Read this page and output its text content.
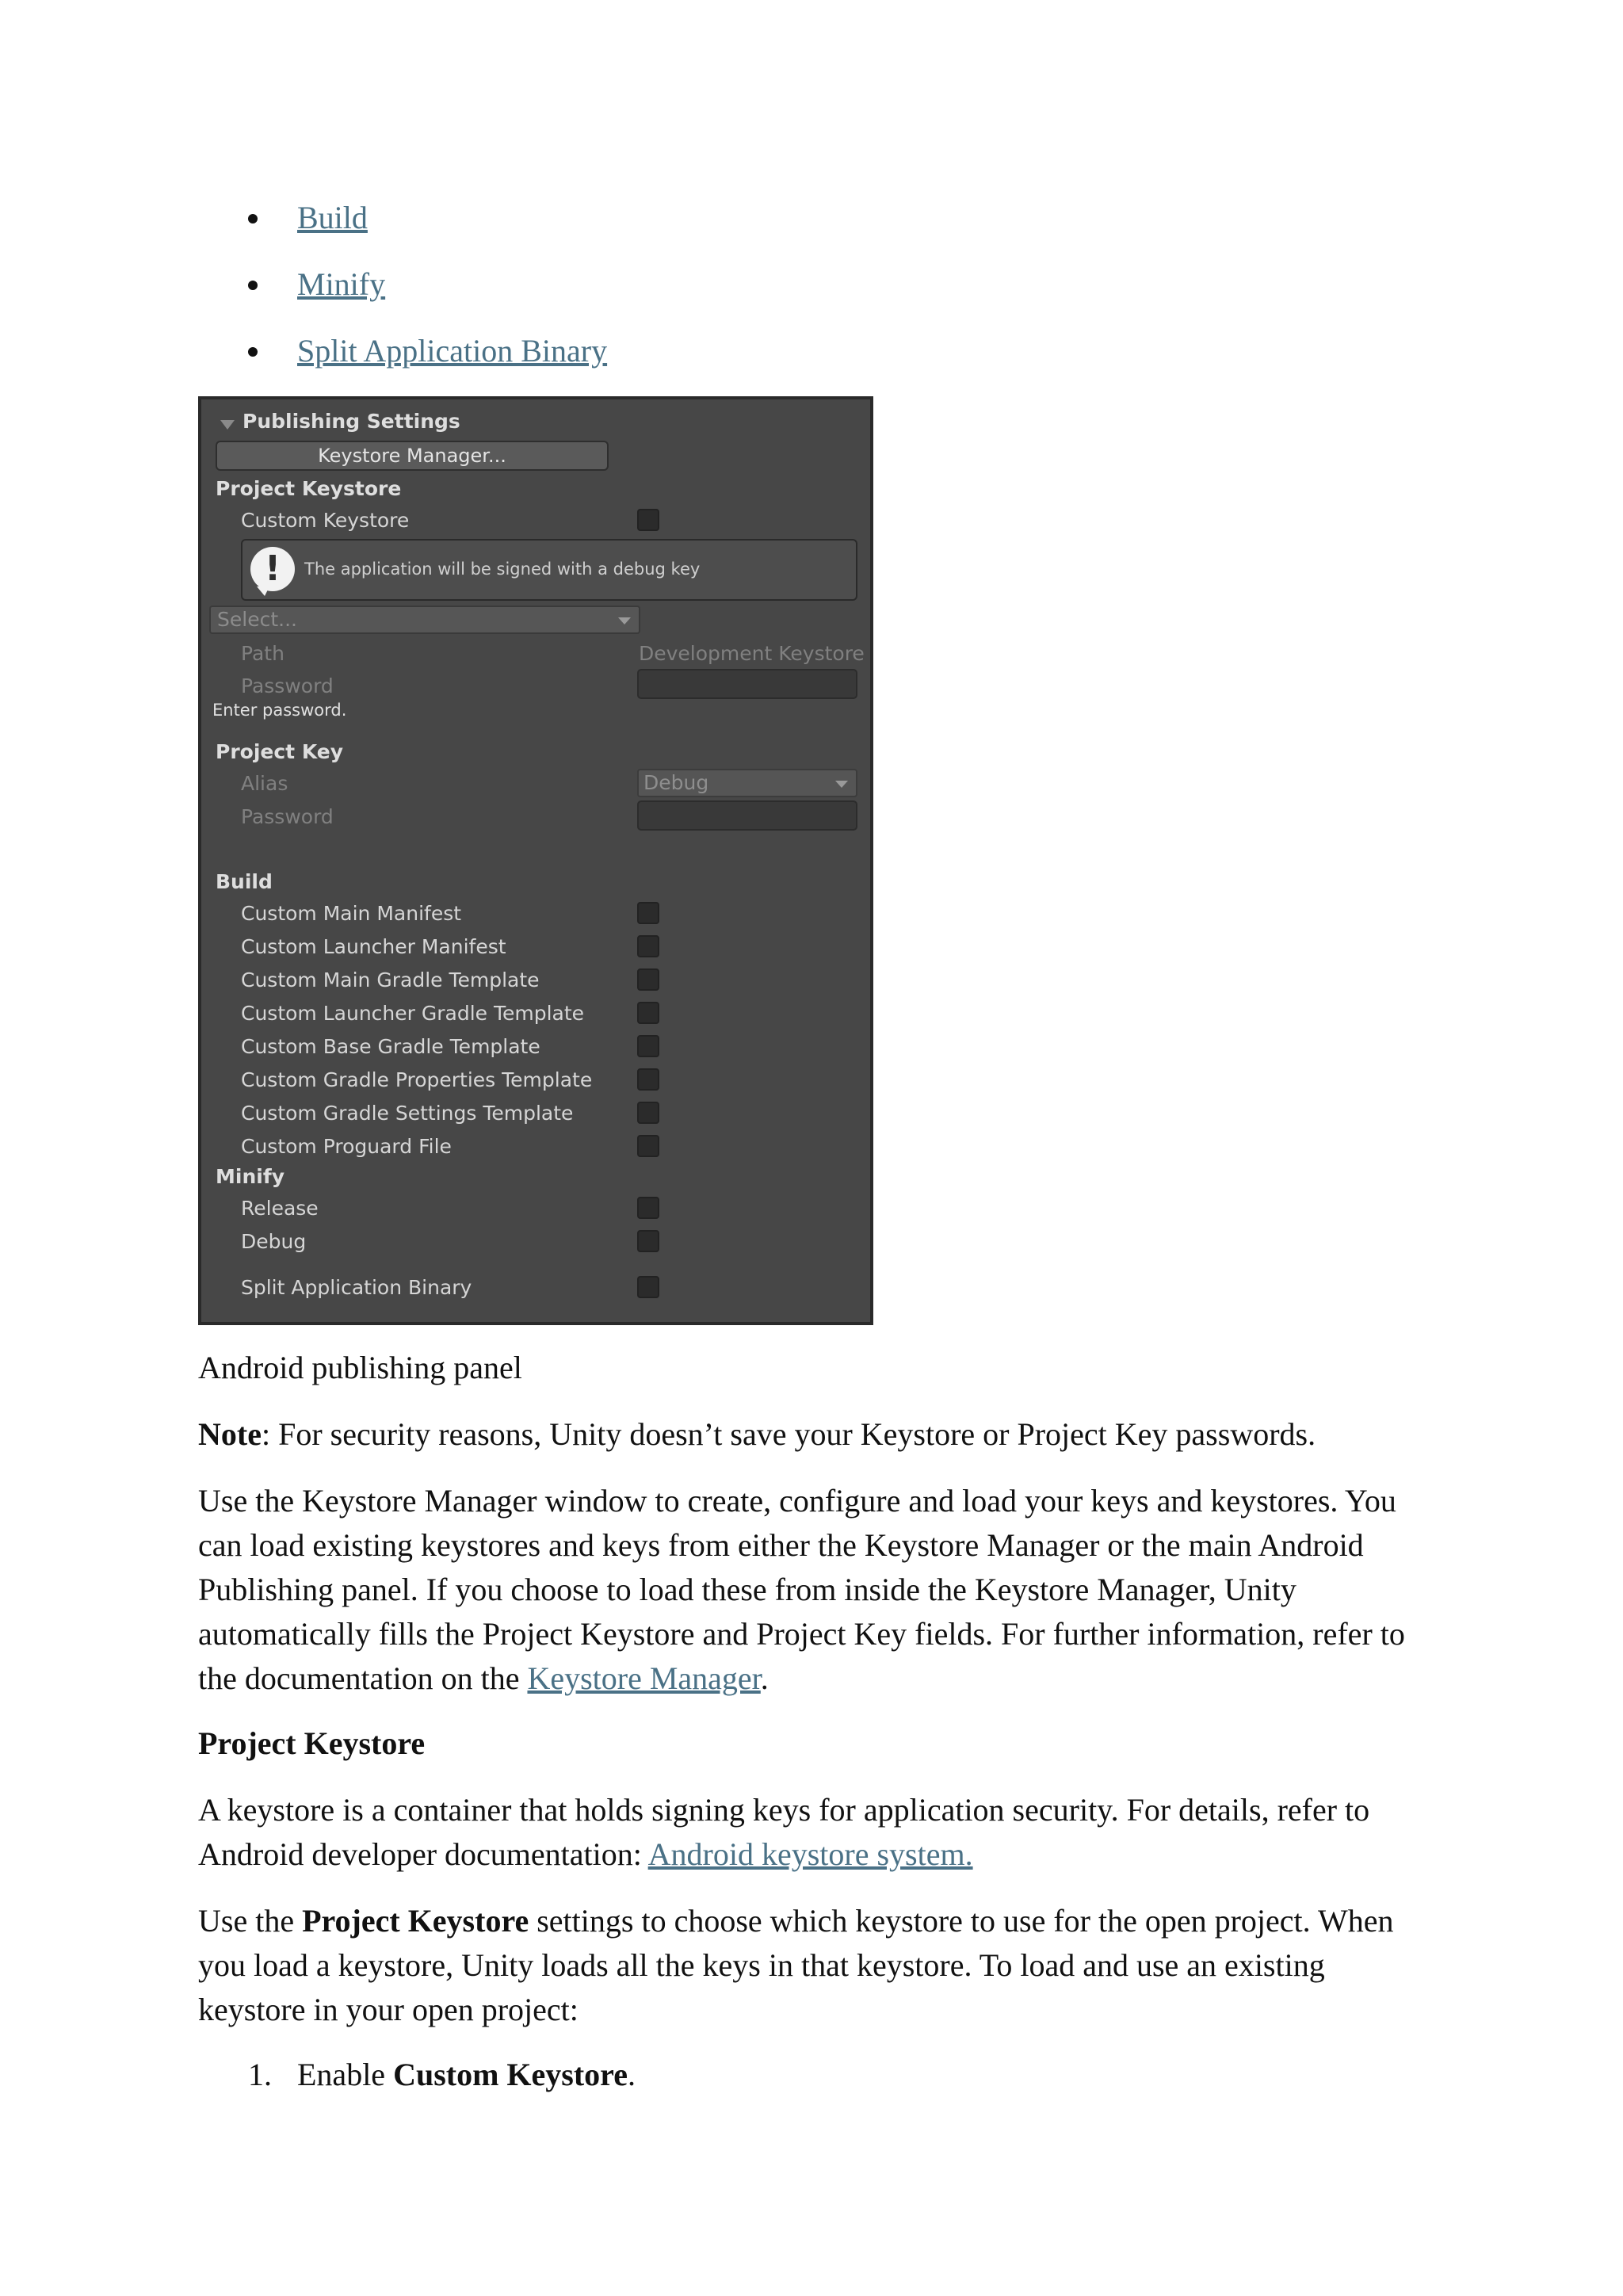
Build
Minify
Split Application Binary
Publishing Settings
Keystore Manager...
Project Keystore
Custom Keystore
!	The application will be signed with a debug key
Select...
Path	Development Keystore
Password
Enter password.
Project Key
Alias	Debug
Password
Build
Custom Main Manifest
Custom Launcher Manifest
Custom Main Gradle Template
Custom Launcher Gradle Template
Custom Base Gradle Template
Custom Gradle Properties Template
Custom Gradle Settings Template
Custom Proguard File
Minify
Release
Debug
Split Application Binary

Android publishing panel

Note: For security reasons, Unity doesn’t save your Keystore or Project Key passwords.

Use the Keystore Manager window to create, configure and load your keys and keystores. You can load existing keystores and keys from either the Keystore Manager or the main Android Publishing panel. If you choose to load these from inside the Keystore Manager, Unity automatically fills the Project Keystore and Project Key fields. For further information, refer to the documentation on the Keystore Manager.

Project Keystore

A keystore is a container that holds signing keys for application security. For details, refer to Android developer documentation: Android keystore system.

Use the Project Keystore settings to choose which keystore to use for the open project. When you load a keystore, Unity loads all the keys in that keystore. To load and use an existing keystore in your open project:

1. Enable Custom Keystore.
